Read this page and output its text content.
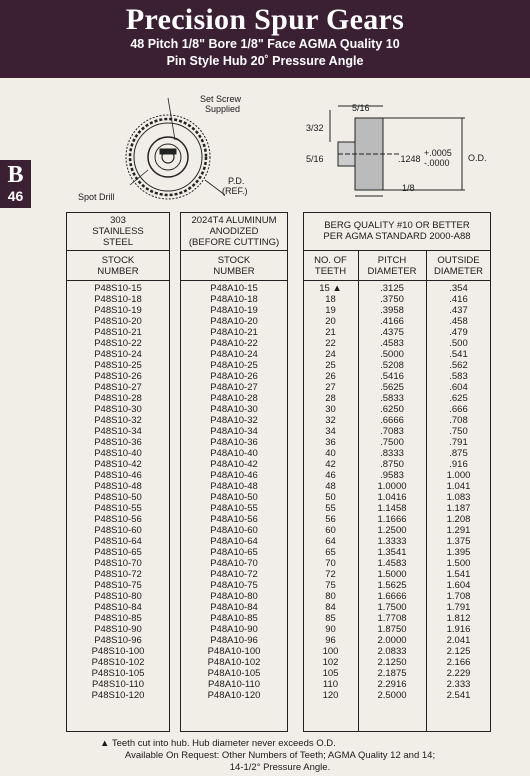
Precision Spur Gears
48 Pitch 1/8" Bore 1/8" Face AGMA Quality 10
Pin Style Hub 20˚ Pressure Angle
B
46
Set Screw
Supplied
Spot Drill
P.D.
(REF.)
5/16
3/32
5/16	.1248
+.0005
-.0000 O.D.
1/8
303
STAINLESS
STEEL
2024T4 ALUMINUM
ANODIZED
(BEFORE CUTTING)
BERG QUALITY #10 OR BETTER
PER AGMA STANDARD 2000-A88
STOCK
NUMBER
STOCK
NUMBER
NO. OF
TEETH
PITCH
DIAMETER
OUTSIDE
DIAMETER
P48S10-15
P48S10-18
P48S10-19
P48S10-20
P48S10-21
P48S10-22
P48S10-24
P48S10-25
P48S10-26
P48S10-27
P48S10-28
P48S10-30
P48S10-32
P48S10-34
P48S10-36
P48S10-40
P48S10-42
P48S10-46
P48S10-48
P48S10-50
P48S10-55
P48S10-56
P48S10-60
P48S10-64
P48S10-65
P48S10-70
P48S10-72
P48S10-75
P48S10-80
P48S10-84
P48S10-85
P48S10-90
P48S10-96
P48S10-100
P48S10-102
P48S10-105
P48S10-110
P48S10-120
P48A10-15
P48A10-18
P48A10-19
P48A10-20
P48A10-21
P48A10-22
P48A10-24
P48A10-25
P48A10-26
P48A10-27
P48A10-28
P48A10-30
P48A10-32
P48A10-34
P48A10-36
P48A10-40
P48A10-42
P48A10-46
P48A10-48
P48A10-50
P48A10-55
P48A10-56
P48A10-60
P48A10-64
P48A10-65
P48A10-70
P48A10-72
P48A10-75
P48A10-80
P48A10-84
P48A10-85
P48A10-90
P48A10-96
P48A10-100
P48A10-102
P48A10-105
P48A10-110
P48A10-120
15 ▲
18
19
20
21
22
24
25
26
27
28
30
32
34
36
40
42
46
48
50
55
56
60
64
65
70
72
75
80
84
85
90
96
100
102
105
110
120
.3125
.3750
.3958
.4166
.4375
.4583
.5000
.5208
.5416
.5625
.5833
.6250
.6666
.7083
.7500
.8333
.8750
.9583
1.0000
1.0416
1.1458
1.1666
1.2500
1.3333
1.3541
1.4583
1.5000
1.5625
1.6666
1.7500
1.7708
1.8750
2.0000
2.0833
2.1250
2.1875
2.2916
2.5000
.354
.416
.437
.458
.479
.500
.541
.562
.583
.604
.625
.666
.708
.750
.791
.875
.916
1.000
1.041
1.083
1.187
1.208
1.291
1.375
1.395
1.500
1.541
1.604
1.708
1.791
1.812
1.916
2.041
2.125
2.166
2.229
2.333
2.541
▲ Teeth cut into hub. Hub diameter never exceeds O.D.
Available On Request: Other Numbers of Teeth; AGMA Quality 12 and 14;
14-1/2° Pressure Angle.
